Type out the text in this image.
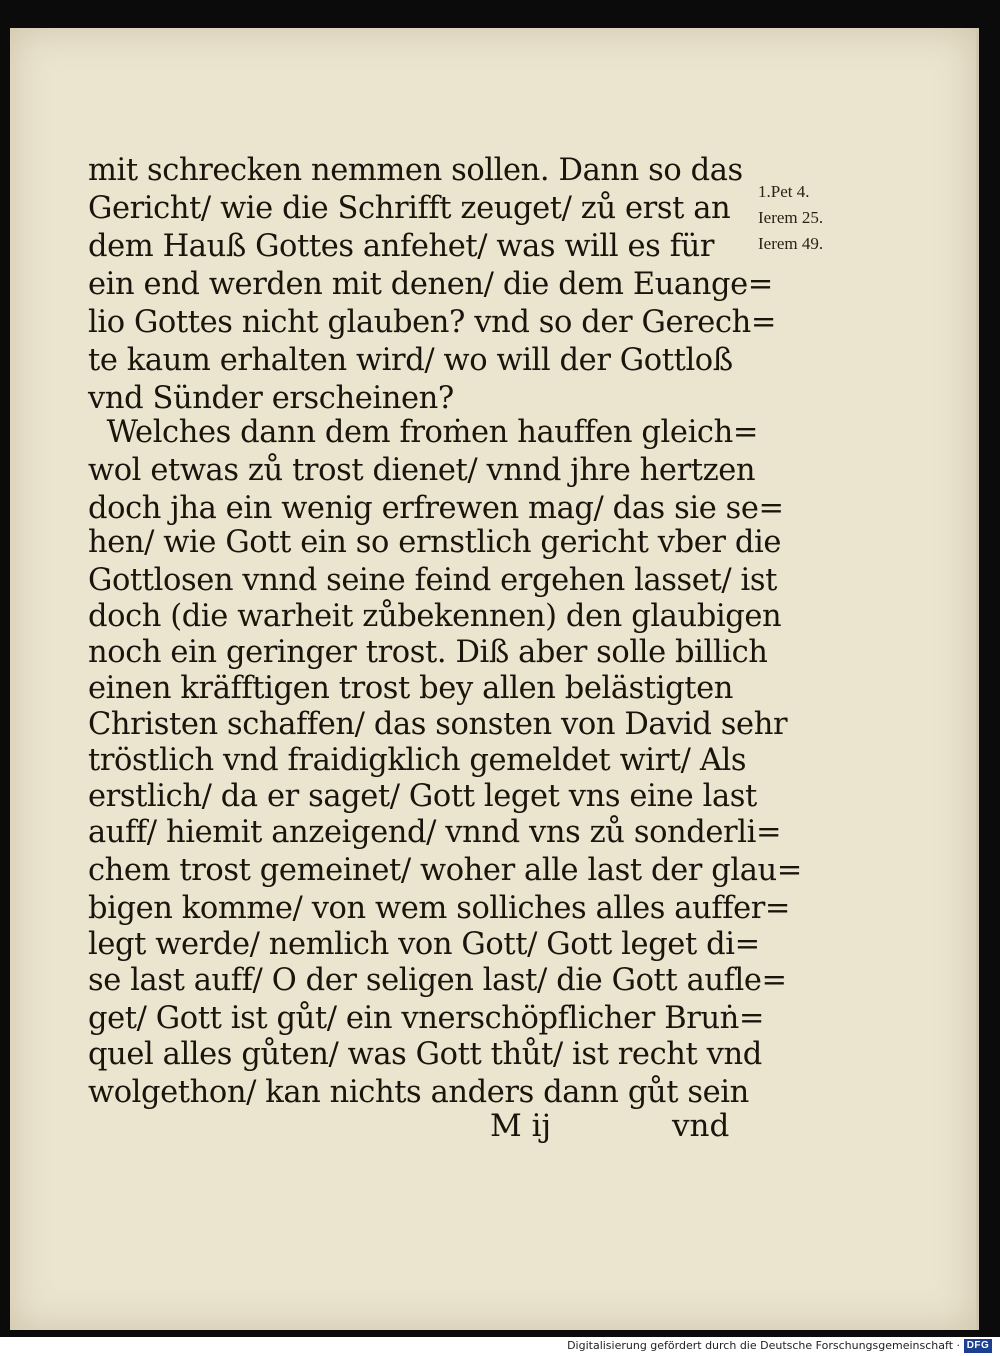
mit schrecken nemmen sollen. Dann so das
Gericht/ wie die Schrifft zeuget/ zů erst an
dem Hauß Gottes anfehet/ was will es für
ein end werden mit denen/ die dem Euange=
lio Gottes nicht glauben? vnd so der Gerech=
te kaum erhalten wird/ wo will der Gottloß
vnd Sünder erscheinen?
Welches dann dem froṁen hauffen gleich=
wol etwas zů trost dienet/ vnnd jhre hertzen
doch jha ein wenig erfrewen mag/ das sie se=
hen/ wie Gott ein so ernstlich gericht vber die
Gottlosen vnnd seine feind ergehen lasset/ ist
doch (die warheit zůbekennen) den glaubigen
noch ein geringer trost. Diß aber solle billich
einen kräfftigen trost bey allen belästigten
Christen schaffen/ das sonsten von David sehr
tröstlich vnd fraidigklich gemeldet wirt/ Als
erstlich/ da er saget/ Gott leget vns eine last
auff/ hiemit anzeigend/ vnnd vns zů sonderli=
chem trost gemeinet/ woher alle last der glau=
bigen komme/ von wem solliches alles auffer=
legt werde/ nemlich von Gott/ Gott leget di=
se last auff/ O der seligen last/ die Gott aufle=
get/ Gott ist gůt/ ein vnerschöpflicher Bruṅ=
quel alles gůten/ was Gott thůt/ ist recht vnd
wolgethon/ kan nichts anders dann gůt sein
1.Pet 4.
Ierem 25.
Ierem 49.
M ij	vnd
Digitalisierung gefördert durch die Deutsche Forschungsgemeinschaft · DFG
